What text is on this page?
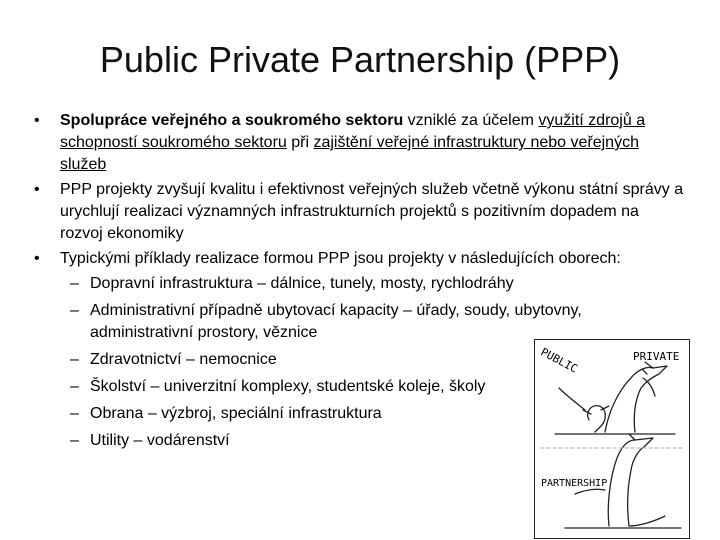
Public Private Partnership (PPP)
• Spolupráce veřejného a soukromého sektoru vzniklé za účelem využití zdrojů a schopností soukromého sektoru při zajištění veřejné infrastruktury nebo veřejných služeb
• PPP projekty zvyšují kvalitu i efektivnost veřejných služeb včetně výkonu státní správy a urychlují realizaci významných infrastrukturních projektů s pozitivním dopadem na rozvoj ekonomiky
• Typickými příklady realizace formou PPP jsou projekty v následujících oborech:
– Dopravní infrastruktura – dálnice, tunely, mosty, rychlodráhy
– Administrativní případně ubytovací kapacity – úřady, soudy, ubytovny, administrativní prostory, věznice
– Zdravotnictví – nemocnice
– Školství – univerzitní komplexy, studentské koleje, školy
– Obrana – výzbroj, speciální infrastruktura
– Utility – vodárenství
PUBLIC	PRIVATE
PARTNERSHIP
